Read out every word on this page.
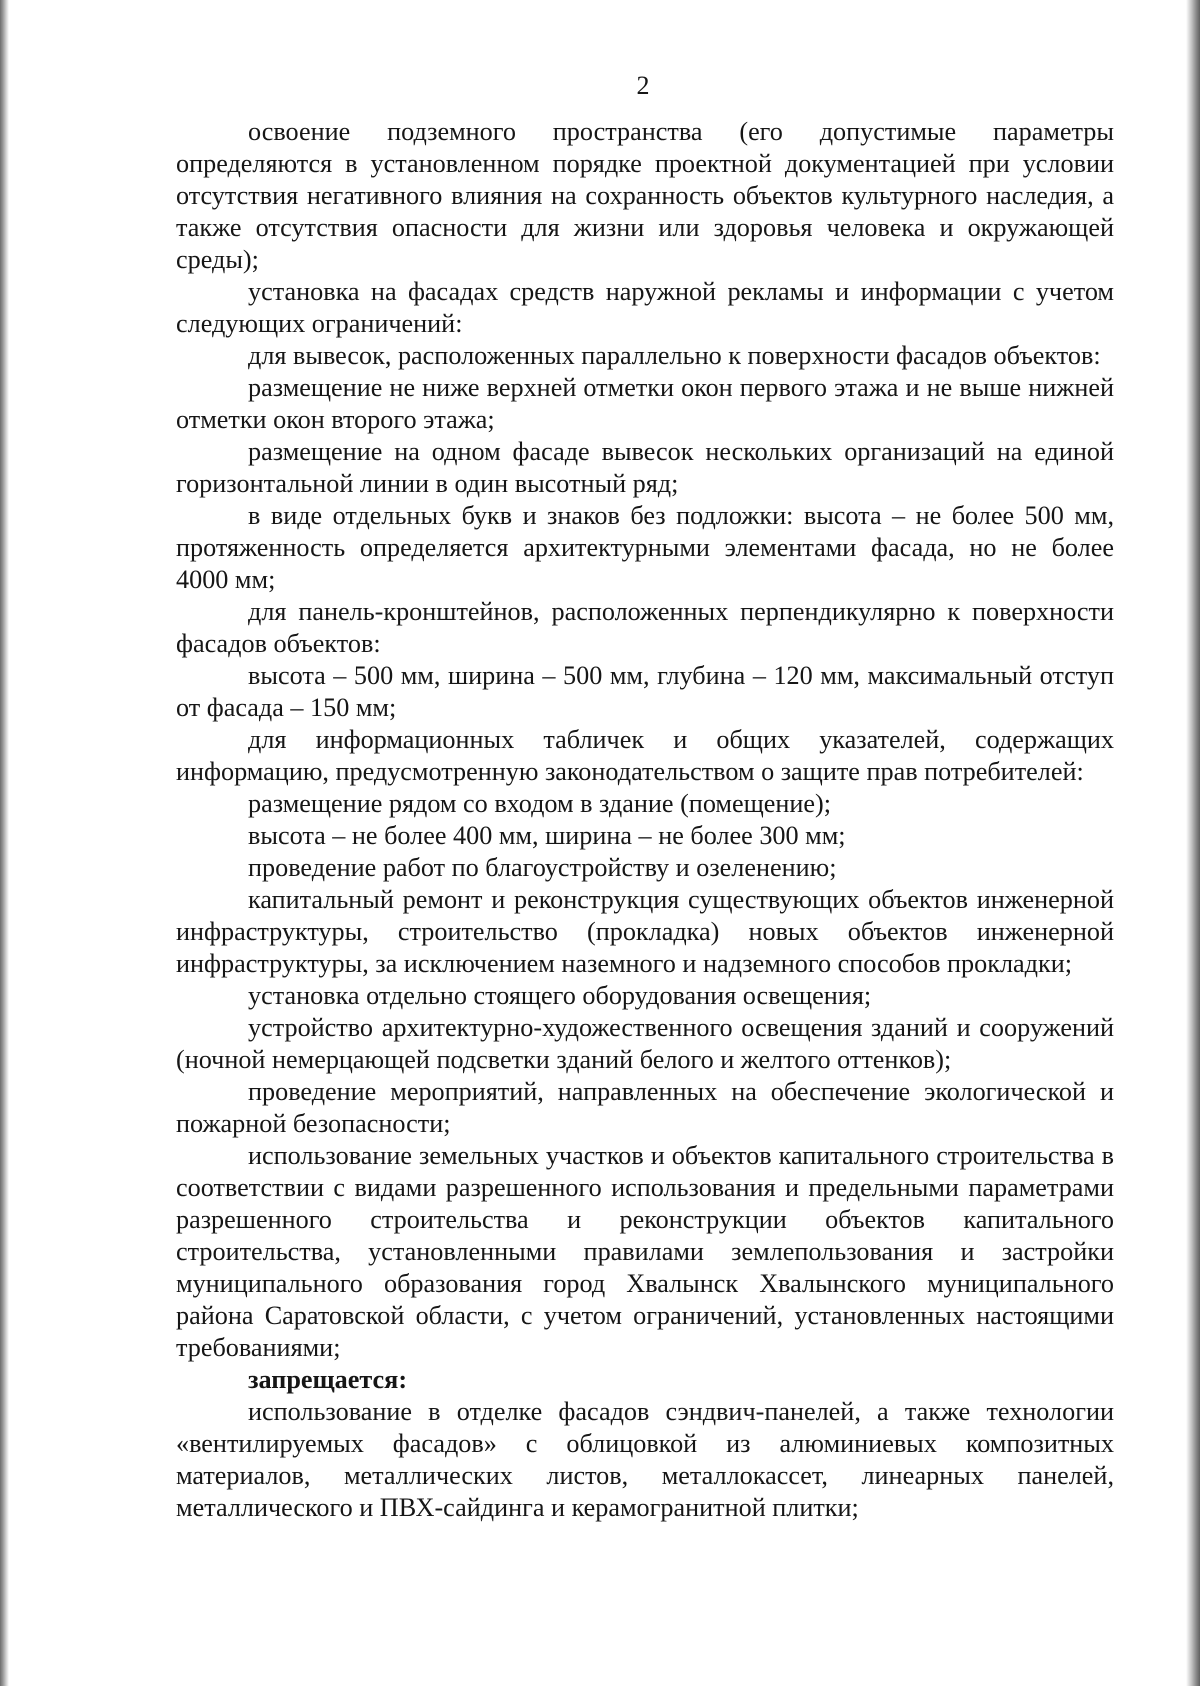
2

освоение подземного пространства (его допустимые параметры определяются в установленном порядке проектной документацией при условии отсутствия негативного влияния на сохранность объектов культурного наследия, а также отсутствия опасности для жизни или здоровья человека и окружающей среды);

установка на фасадах средств наружной рекламы и информации с учетом следующих ограничений:

для вывесок, расположенных параллельно к поверхности фасадов объектов:

размещение не ниже верхней отметки окон первого этажа и не выше нижней отметки окон второго этажа;

размещение на одном фасаде вывесок нескольких организаций на единой горизонтальной линии в один высотный ряд;

в виде отдельных букв и знаков без подложки: высота – не более 500 мм, протяженность определяется архитектурными элементами фасада, но не более 4000 мм;

для панель-кронштейнов, расположенных перпендикулярно к поверхности фасадов объектов:

высота – 500 мм, ширина – 500 мм, глубина – 120 мм, максимальный отступ от фасада – 150 мм;

для информационных табличек и общих указателей, содержащих информацию, предусмотренную законодательством о защите прав потребителей:

размещение рядом со входом в здание (помещение);

высота – не более 400 мм, ширина – не более 300 мм;

проведение работ по благоустройству и озеленению;

капитальный ремонт и реконструкция существующих объектов инженерной инфраструктуры, строительство (прокладка) новых объектов инженерной инфраструктуры, за исключением наземного и надземного способов прокладки;

установка отдельно стоящего оборудования освещения;

устройство архитектурно-художественного освещения зданий и сооружений (ночной немерцающей подсветки зданий белого и желтого оттенков);

проведение мероприятий, направленных на обеспечение экологической и пожарной безопасности;

использование земельных участков и объектов капитального строительства в соответствии с видами разрешенного использования и предельными параметрами разрешенного строительства и реконструкции объектов капитального строительства, установленными правилами землепользования и застройки муниципального образования город Хвалынск Хвалынского муниципального района Саратовской области, с учетом ограничений, установленных настоящими требованиями;

запрещается:

использование в отделке фасадов сэндвич-панелей, а также технологии «вентилируемых фасадов» с облицовкой из алюминиевых композитных материалов, металлических листов, металлокассет, линеарных панелей, металлического и ПВХ-сайдинга и керамогранитной плитки;
